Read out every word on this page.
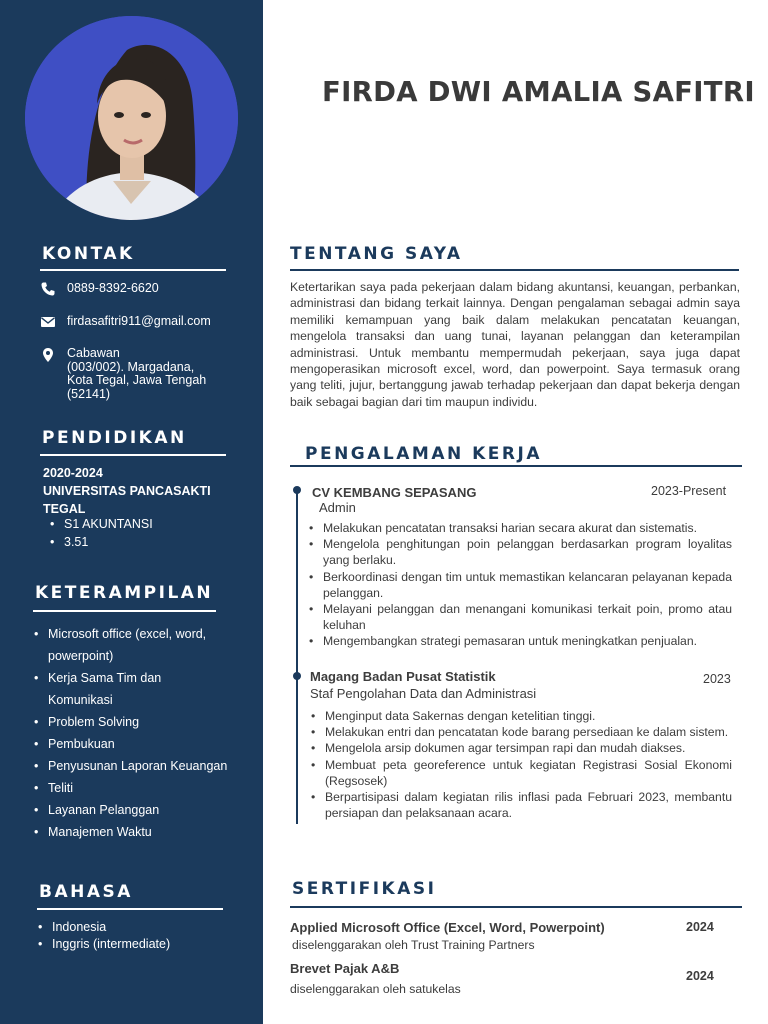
KONTAK
0889-8392-6620
firdasafitri911@gmail.com
Cabawan
(003/002). Margadana,
Kota Tegal, Jawa Tengah
(52141)
PENDIDIKAN
2020-2024
UNIVERSITAS PANCASAKTI
TEGAL
• S1 AKUNTANSI
• 3.51
KETERAMPILAN
• Microsoft office (excel, word,
powerpoint)
• Kerja Sama Tim dan
Komunikasi
• Problem Solving
• Pembukuan
• Penyusunan Laporan Keuangan
• Teliti
• Layanan Pelanggan
• Manajemen Waktu
BAHASA
• Indonesia
• Inggris (intermediate)
FIRDA DWI AMALIA SAFITRI
TENTANG SAYA
Ketertarikan saya pada pekerjaan dalam bidang akuntansi, keuangan, perbankan, administrasi dan bidang terkait lainnya. Dengan pengalaman sebagai admin saya memiliki kemampuan yang baik dalam melakukan pencatatan keuangan, mengelola transaksi dan uang tunai, layanan pelanggan dan keterampilan administrasi. Untuk membantu mempermudah pekerjaan, saya juga dapat mengoperasikan microsoft excel, word, dan powerpoint. Saya termasuk orang yang teliti, jujur, bertanggung jawab terhadap pekerjaan dan dapat bekerja dengan baik sebagai bagian dari tim maupun individu.
PENGALAMAN KERJA
CV KEMBANG SEPASANG	2023-Present
Admin
• Melakukan pencatatan transaksi harian secara akurat dan sistematis.
• Mengelola penghitungan poin pelanggan berdasarkan program loyalitas yang berlaku.
• Berkoordinasi dengan tim untuk memastikan kelancaran pelayanan kepada pelanggan.
• Melayani pelanggan dan menangani komunikasi terkait poin, promo atau keluhan
• Mengembangkan strategi pemasaran untuk meningkatkan penjualan.
Magang Badan Pusat Statistik	2023
Staf Pengolahan Data dan Administrasi
• Menginput data Sakernas dengan ketelitian tinggi.
• Melakukan entri dan pencatatan kode barang persediaan ke dalam sistem.
• Mengelola arsip dokumen agar tersimpan rapi dan mudah diakses.
• Membuat peta georeference untuk kegiatan Registrasi Sosial Ekonomi (Regsosek)
• Berpartisipasi dalam kegiatan rilis inflasi pada Februari 2023, membantu persiapan dan pelaksanaan acara.
SERTIFIKASI
Applied Microsoft Office (Excel, Word, Powerpoint)	2024
diselenggarakan oleh Trust Training Partners
Brevet Pajak A&B	2024
diselenggarakan oleh satukelas
